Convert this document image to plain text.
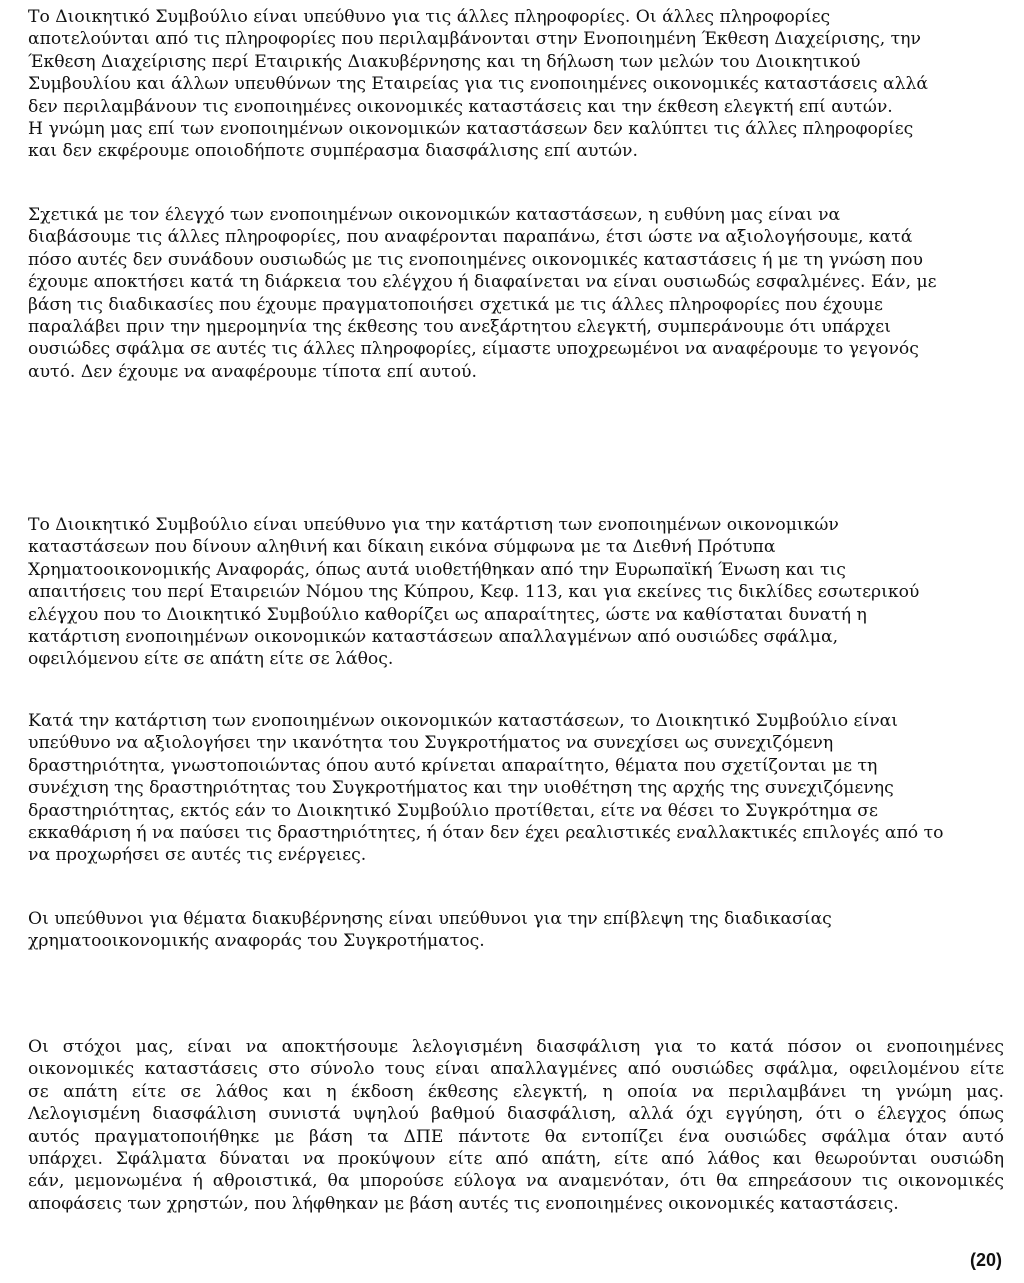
Το Διοικητικό Συμβούλιο είναι υπεύθυνο για τις άλλες πληροφορίες. Οι άλλες πληροφορίες
αποτελούνται από τις πληροφορίες που περιλαμβάνονται στην Ενοποιημένη Έκθεση Διαχείρισης, την
Έκθεση Διαχείρισης περί Εταιρικής Διακυβέρνησης και τη δήλωση των μελών του Διοικητικού
Συμβουλίου και άλλων υπευθύνων της Εταιρείας για τις ενοποιημένες οικονομικές καταστάσεις αλλά
δεν περιλαμβάνουν τις ενοποιημένες οικονομικές καταστάσεις και την έκθεση ελεγκτή επί αυτών.
Η γνώμη μας επί των ενοποιημένων οικονομικών καταστάσεων δεν καλύπτει τις άλλες πληροφορίες
και δεν εκφέρουμε οποιοδήποτε συμπέρασμα διασφάλισης επί αυτών.

Σχετικά με τον έλεγχό των ενοποιημένων οικονομικών καταστάσεων, η ευθύνη μας είναι να
διαβάσουμε τις άλλες πληροφορίες, που αναφέρονται παραπάνω, έτσι ώστε να αξιολογήσουμε, κατά
πόσο αυτές δεν συνάδουν ουσιωδώς με τις ενοποιημένες οικονομικές καταστάσεις ή με τη γνώση που
έχουμε αποκτήσει κατά τη διάρκεια του ελέγχου ή διαφαίνεται να είναι ουσιωδώς εσφαλμένες. Εάν, με
βάση τις διαδικασίες που έχουμε πραγματοποιήσει σχετικά με τις άλλες πληροφορίες που έχουμε
παραλάβει πριν την ημερομηνία της έκθεσης του ανεξάρτητου ελεγκτή, συμπεράνουμε ότι υπάρχει
ουσιώδες σφάλμα σε αυτές τις άλλες πληροφορίες, είμαστε υποχρεωμένοι να αναφέρουμε το γεγονός
αυτό. Δεν έχουμε να αναφέρουμε τίποτα επί αυτού.

Το Διοικητικό Συμβούλιο είναι υπεύθυνο για την κατάρτιση των ενοποιημένων οικονομικών
καταστάσεων που δίνουν αληθινή και δίκαιη εικόνα σύμφωνα με τα Διεθνή Πρότυπα
Χρηματοοικονομικής Αναφοράς, όπως αυτά υιοθετήθηκαν από την Ευρωπαϊκή Ένωση και τις
απαιτήσεις του περί Εταιρειών Νόμου της Κύπρου, Κεφ. 113, και για εκείνες τις δικλίδες εσωτερικού
ελέγχου που το Διοικητικό Συμβούλιο καθορίζει ως απαραίτητες, ώστε να καθίσταται δυνατή η
κατάρτιση ενοποιημένων οικονομικών καταστάσεων απαλλαγμένων από ουσιώδες σφάλμα,
οφειλόμενου είτε σε απάτη είτε σε λάθος.

Κατά την κατάρτιση των ενοποιημένων οικονομικών καταστάσεων, το Διοικητικό Συμβούλιο είναι
υπεύθυνο να αξιολογήσει την ικανότητα του Συγκροτήματος να συνεχίσει ως συνεχιζόμενη
δραστηριότητα, γνωστοποιώντας όπου αυτό κρίνεται απαραίτητο, θέματα που σχετίζονται με τη
συνέχιση της δραστηριότητας του Συγκροτήματος και την υιοθέτηση της αρχής της συνεχιζόμενης
δραστηριότητας, εκτός εάν το Διοικητικό Συμβούλιο προτίθεται, είτε να θέσει το Συγκρότημα σε
εκκαθάριση ή να παύσει τις δραστηριότητες, ή όταν δεν έχει ρεαλιστικές εναλλακτικές επιλογές από το
να προχωρήσει σε αυτές τις ενέργειες.

Οι υπεύθυνοι για θέματα διακυβέρνησης είναι υπεύθυνοι για την επίβλεψη της διαδικασίας
χρηματοοικονομικής αναφοράς του Συγκροτήματος.

Οι στόχοι μας, είναι να αποκτήσουμε λελογισμένη διασφάλιση για το κατά πόσον οι ενοποιημένες
οικονομικές καταστάσεις στο σύνολο τους είναι απαλλαγμένες από ουσιώδες σφάλμα, οφειλομένου είτε
σε απάτη είτε σε λάθος και η έκδοση έκθεσης ελεγκτή, η οποία να περιλαμβάνει τη γνώμη μας.
Λελογισμένη διασφάλιση συνιστά υψηλού βαθμού διασφάλιση, αλλά όχι εγγύηση, ότι ο έλεγχος όπως
αυτός πραγματοποιήθηκε με βάση τα ΔΠΕ πάντοτε θα εντοπίζει ένα ουσιώδες σφάλμα όταν αυτό
υπάρχει. Σφάλματα δύναται να προκύψουν είτε από απάτη, είτε από λάθος και θεωρούνται ουσιώδη
εάν, μεμονωμένα ή αθροιστικά, θα μπορούσε εύλογα να αναμενόταν, ότι θα επηρεάσουν τις οικονομικές
αποφάσεις των χρηστών, που λήφθηκαν με βάση αυτές τις ενοποιημένες οικονομικές καταστάσεις.

(20)
